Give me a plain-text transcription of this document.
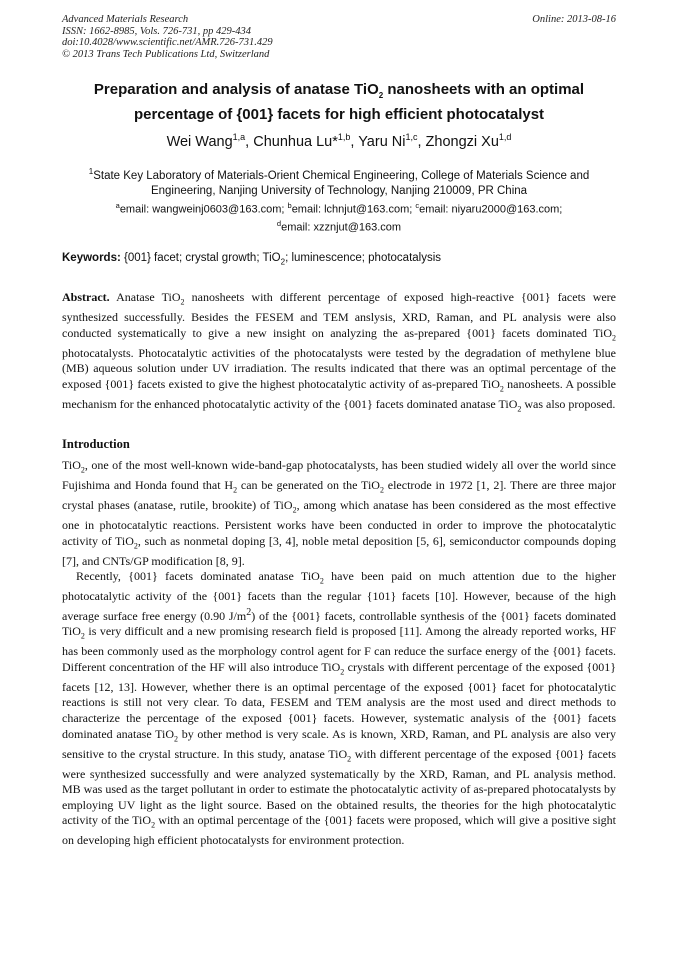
Advanced Materials Research
ISSN: 1662-8985, Vols. 726-731, pp 429-434
doi:10.4028/www.scientific.net/AMR.726-731.429
© 2013 Trans Tech Publications Ltd, Switzerland
Online: 2013-08-16
Preparation and analysis of anatase TiO$_2$ nanosheets with an optimal percentage of {001} facets for high efficient photocatalyst
Wei Wang$^{1,a}$, Chunhua Lu*$^{1,b}$, Yaru Ni$^{1,c}$, Zhongzi Xu$^{1,d}$
$^1$State Key Laboratory of Materials-Orient Chemical Engineering, College of Materials Science and Engineering, Nanjing University of Technology, Nanjing 210009, PR China
$^a$email: wangweinj0603@163.com; $^b$email: lchnjut@163.com; $^c$email: niyaru2000@163.com;
$^d$email: xzznjut@163.com
Keywords: {001} facet; crystal growth; TiO$_2$; luminescence; photocatalysis
Abstract. Anatase TiO$_2$ nanosheets with different percentage of exposed high-reactive {001} facets were synthesized successfully. Besides the FESEM and TEM anslysis, XRD, Raman, and PL analysis were also conducted systematically to give a new insight on analyzing the as-prepared {001} facets dominated TiO$_2$ photocatalysts. Photocatalytic activities of the photocatalysts were tested by the degradation of methylene blue (MB) aqueous solution under UV irradiation. The results indicated that there was an optimal percentage of the exposed {001} facets existed to give the highest photocatalytic activity of as-prepared TiO$_2$ nanosheets. A possible mechanism for the enhanced photocatalytic activity of the {001} facets dominated anatase TiO$_2$ was also proposed.
Introduction

TiO$_2$, one of the most well-known wide-band-gap photocatalysts, has been studied widely all over the world since Fujishima and Honda found that $H_2$ can be generated on the TiO$_2$ electrode in 1972 [1, 2]. There are three major crystal phases (anatase, rutile, brookite) of TiO$_2$, among which anatase has been considered as the most effective one in photocatalytic reactions. Persistent works have been conducted in order to improve the photocatalytic activity of TiO$_2$, such as nonmetal doping [3, 4], noble metal deposition [5, 6], semiconductor compounds doping [7], and CNTs/GP modification [8, 9].

Recently, {001} facets dominated anatase TiO$_2$ have been paid on much attention due to the higher photocatalytic activity of the {001} facets than the regular {101} facets [10]. However, because of the high average surface free energy (0.90 $J/m^2$) of the {001} facets, controllable synthesis of the {001} facets dominated TiO$_2$ is very difficult and a new promising research field is proposed [11]. Among the already reported works, HF has been commonly used as the morphology control agent for F can reduce the surface energy of the {001} facets. Different concentration of the HF will also introduce TiO$_2$ crystals with different percentage of the exposed {001} facets [12, 13]. However, whether there is an optimal percentage of the exposed {001} facet for photocatalytic reactions is still not very clear. To data, FESEM and TEM analysis are the most used and direct methods to characterize the percentage of the exposed {001} facets. However, systematic analysis of the {001} facets dominated anatase TiO$_2$ by other method is very scale. As is known, XRD, Raman, and PL analysis are also very sensitive to the crystal structure. In this study, anatase TiO$_2$ with different percentage of the exposed {001} facets were synthesized successfully and were analyzed systematically by the XRD, Raman, and PL analysis method. MB was used as the target pollutant in order to estimate the photocatalytic activity of as-prepared photocatalysts by employing UV light as the light source. Based on the obtained results, the theories for the high photocatalytic activity of the TiO$_2$ with an optimal percentage of the {001} facets were proposed, which will give a positive sight on developing high efficient photocatalysts for environment protection.
